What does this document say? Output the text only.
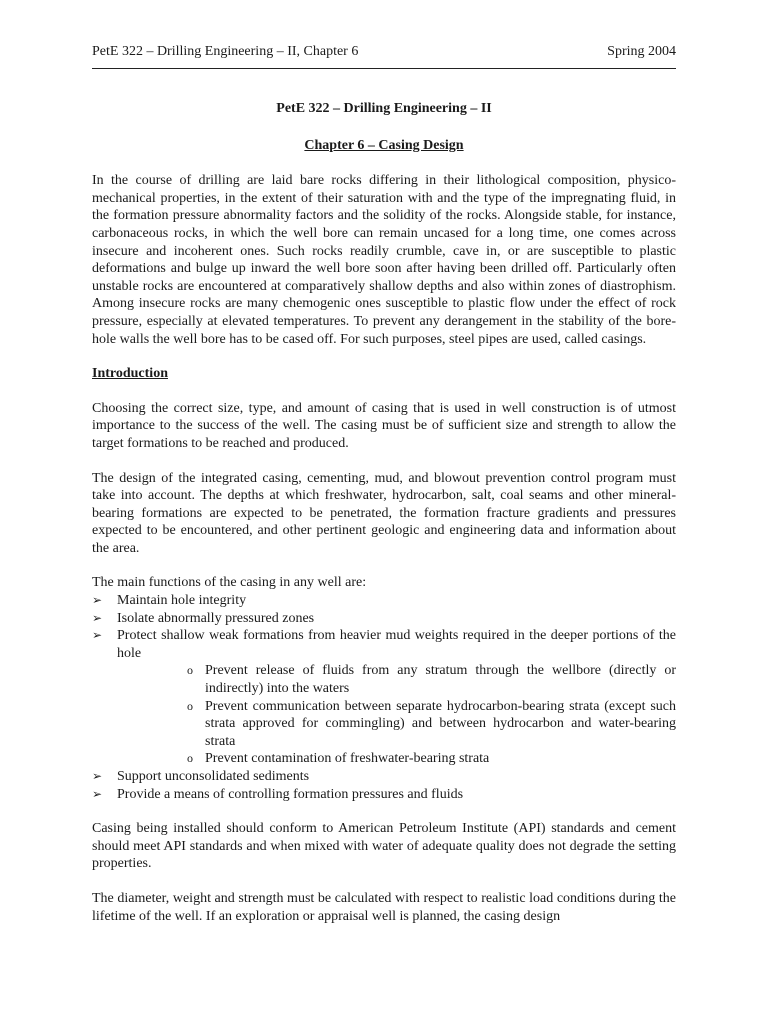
PetE 322 – Drilling Engineering – II, Chapter 6	Spring 2004

PetE 322 – Drilling Engineering – II

Chapter 6 – Casing Design

In the course of drilling are laid bare rocks differing in their lithological composition, physico-mechanical properties, in the extent of their saturation with and the type of the impregnating fluid, in the formation pressure abnormality factors and the solidity of the rocks. Alongside stable, for instance, carbonaceous rocks, in which the well bore can remain uncased for a long time, one comes across insecure and incoherent ones. Such rocks readily crumble, cave in, or are susceptible to plastic deformations and bulge up inward the well bore soon after having been drilled off. Particularly often unstable rocks are encountered at comparatively shallow depths and also within zones of diastrophism. Among insecure rocks are many chemogenic ones susceptible to plastic flow under the effect of rock pressure, especially at elevated temperatures. To prevent any derangement in the stability of the bore-hole walls the well bore has to be cased off. For such purposes, steel pipes are used, called casings.

Introduction

Choosing the correct size, type, and amount of casing that is used in well construction is of utmost importance to the success of the well. The casing must be of sufficient size and strength to allow the target formations to be reached and produced.

The design of the integrated casing, cementing, mud, and blowout prevention control program must take into account. The depths at which freshwater, hydrocarbon, salt, coal seams and other mineral-bearing formations are expected to be penetrated, the formation fracture gradients and pressures expected to be encountered, and other pertinent geologic and engineering data and information about the area.

The main functions of the casing in any well are:

➢ Maintain hole integrity
➢ Isolate abnormally pressured zones
➢ Protect shallow weak formations from heavier mud weights required in the deeper portions of the hole
o Prevent release of fluids from any stratum through the wellbore (directly or indirectly) into the waters
o Prevent communication between separate hydrocarbon-bearing strata (except such strata approved for commingling) and between hydrocarbon and water-bearing strata
o Prevent contamination of freshwater-bearing strata
➢ Support unconsolidated sediments
➢ Provide a means of controlling formation pressures and fluids

Casing being installed should conform to American Petroleum Institute (API) standards and cement should meet API standards and when mixed with water of adequate quality does not degrade the setting properties.

The diameter, weight and strength must be calculated with respect to realistic load conditions during the lifetime of the well. If an exploration or appraisal well is planned, the casing design
